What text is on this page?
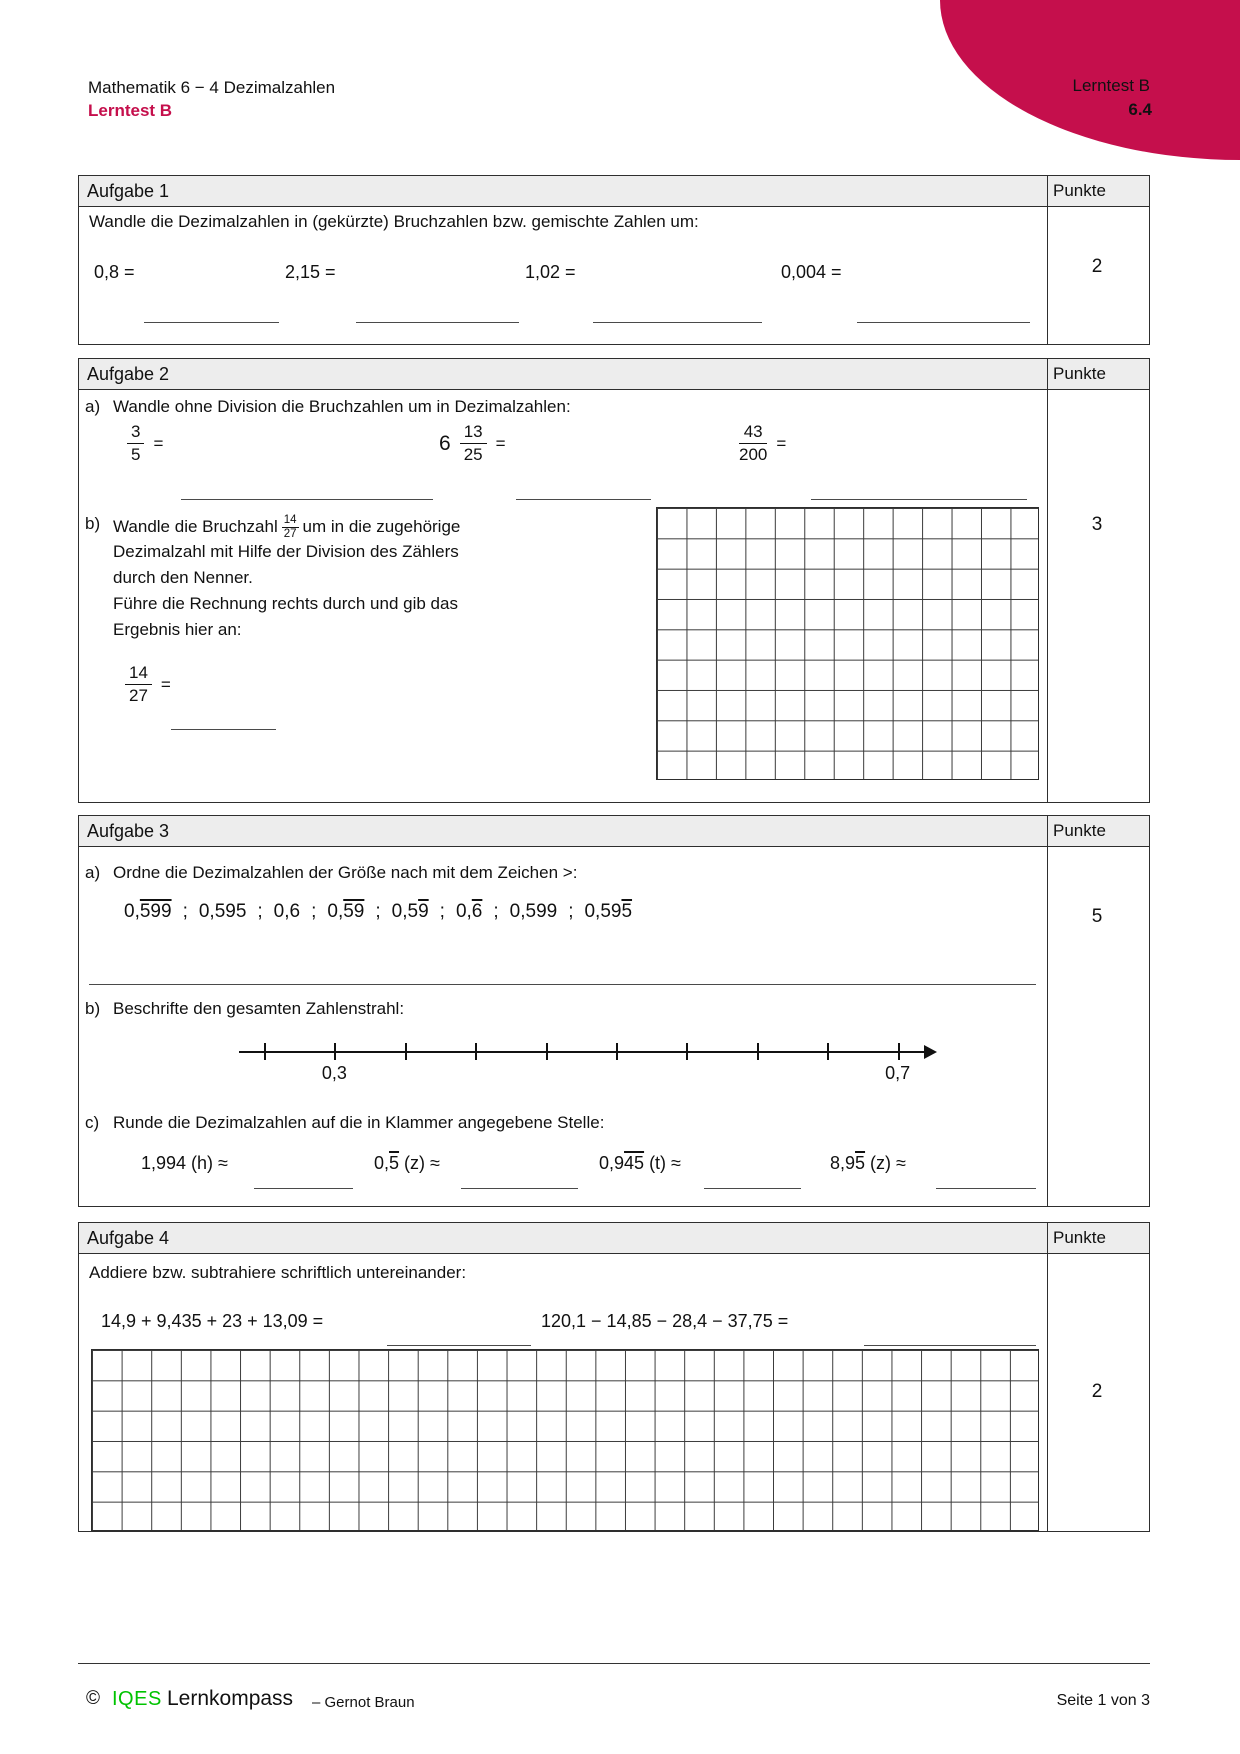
Mathematik 6 − 4 Dezimalzahlen
Lerntest B
Lerntest B
6.4
Aufgabe 1	Punkte
2
Wandle die Dezimalzahlen in (gekürzte) Bruchzahlen bzw. gemischte Zahlen um:
0,8 =	2,15 =	1,02 =	0,004 =
Aufgabe 2	Punkte
3
a) Wandle ohne Division die Bruchzahlen um in Dezimalzahlen:
$\frac{3}{5}$ =	$6 \frac{13}{25}$ =	$\frac{43}{200}$ =
b) Wandle die Bruchzahl $\frac{14}{27}$ um in die zugehörige
Dezimalzahl mit Hilfe der Division des Zählers
durch den Nenner.
Führe die Rechnung rechts durch und gib das
Ergebnis hier an:
$\frac{14}{27}$ =
Aufgabe 3	Punkte
5
a) Ordne die Dezimalzahlen der Größe nach mit dem Zeichen >:
0,599 ; 0,595 ; 0,6 ; 0,59 ; 0,59 ; 0,6 ; 0,599 ; 0,595
b) Beschrifte den gesamten Zahlenstrahl:
0,3	0,7
c) Runde die Dezimalzahlen auf die in Klammer angegebene Stelle:
1,994 (h) ≈	0,5 (z) ≈	0,945 (t) ≈	8,95 (z) ≈
Aufgabe 4	Punkte
2
Addiere bzw. subtrahiere schriftlich untereinander:
14,9 + 9,435 + 23 + 13,09 =	120,1 − 14,85 − 28,4 − 37,75 =
© IQES Lernkompass – Gernot Braun	Seite 1 von 3
